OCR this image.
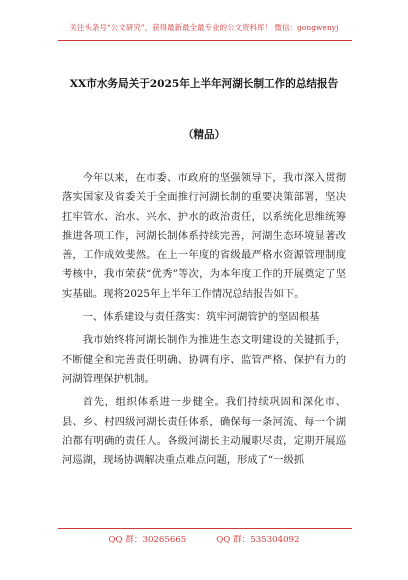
关注头条号“公文研究”，获得最新最全最专业的公文资料库！ 微信：gongwenyj
XX市水务局关于2025年上半年河湖长制工作的总结报告
（精品）

今年以来，在市委、市政府的坚强领导下，我市深入贯彻落实国家及省委关于全面推行河湖长制的重要决策部署，坚决扛牢管水、治水、兴水、护水的政治责任，以系统化思维统筹推进各项工作，河湖长制体系持续完善，河湖生态环境显著改善，工作成效斐然。在上一年度的省级最严格水资源管理制度考核中，我市荣获“优秀”等次，为本年度工作的开展奠定了坚实基础。现将2025年上半年工作情况总结报告如下。

一、体系建设与责任落实：筑牢河湖管护的坚固根基

我市始终将河湖长制作为推进生态文明建设的关键抓手，不断健全和完善责任明确、协调有序、监管严格、保护有力的河湖管理保护机制。

首先，组织体系进一步健全。我们持续巩固和深化市、县、乡、村四级河湖长责任体系，确保每一条河流、每一个湖泊都有明确的责任人。各级河湖长主动履职尽责，定期开展巡河巡湖，现场协调解决重点难点问题，形成了“一级抓

QQ 群：30265665	QQ 群：535304092
